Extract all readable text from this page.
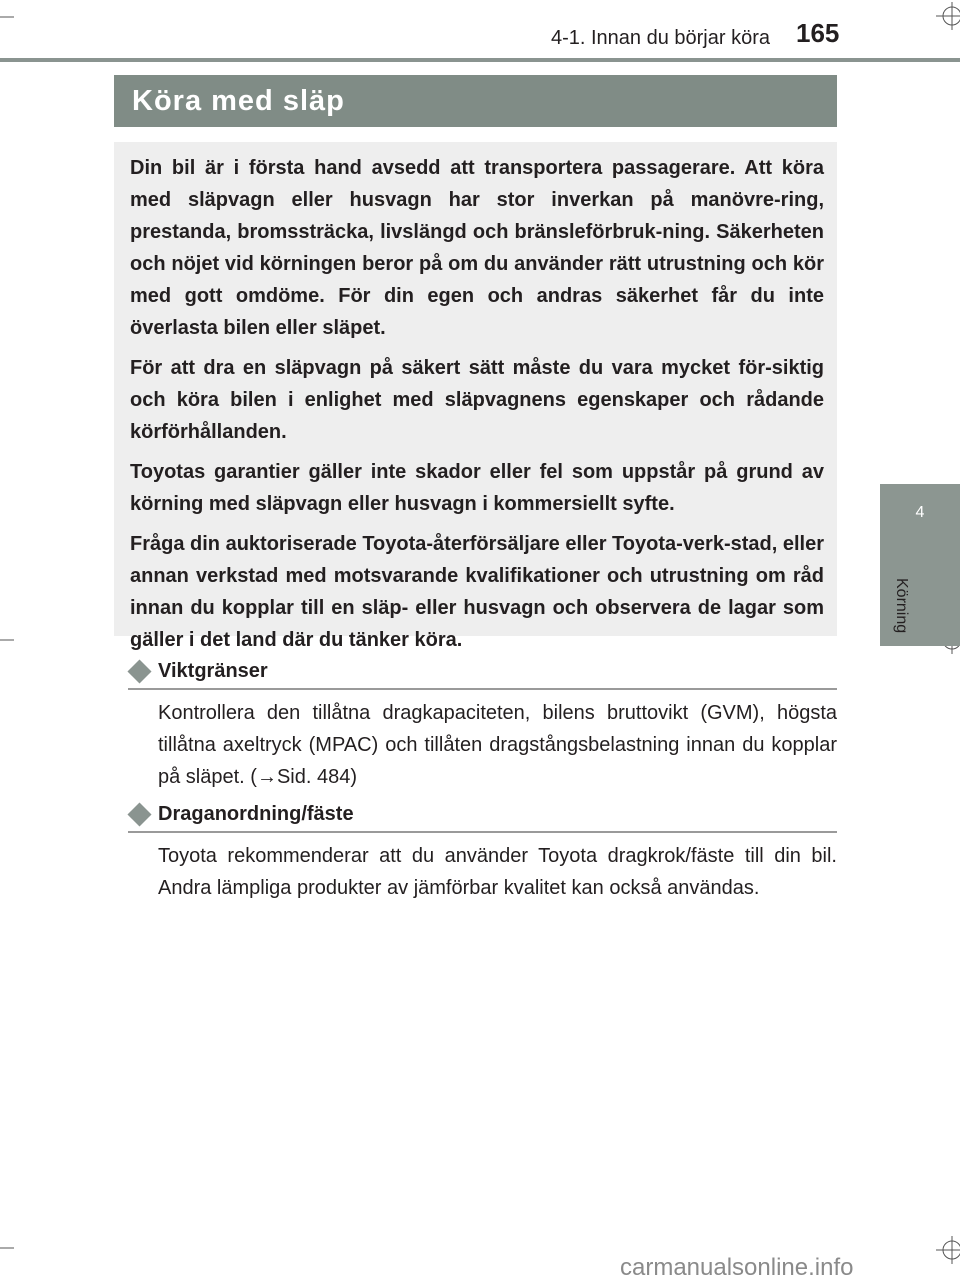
4-1. Innan du börjar köra 165
4
Körning
Köra med släp

Din bil är i första hand avsedd att transportera passagerare. Att köra med släpvagn eller husvagn har stor inverkan på manövre-ring, prestanda, bromssträcka, livslängd och bränsleförbruk-ning. Säkerheten och nöjet vid körningen beror på om du använder rätt utrustning och kör med gott omdöme. För din egen och andras säkerhet får du inte överlasta bilen eller släpet.

För att dra en släpvagn på säkert sätt måste du vara mycket för-siktig och köra bilen i enlighet med släpvagnens egenskaper och rådande körförhållanden.

Toyotas garantier gäller inte skador eller fel som uppstår på grund av körning med släpvagn eller husvagn i kommersiellt syfte.

Fråga din auktoriserade Toyota-återförsäljare eller Toyota-verk-stad, eller annan verkstad med motsvarande kvalifikationer och utrustning om råd innan du kopplar till en släp- eller husvagn och observera de lagar som gäller i det land där du tänker köra.

Viktgränser
Kontrollera den tillåtna dragkapaciteten, bilens bruttovikt (GVM), högsta tillåtna axeltryck (MPAC) och tillåten dragstångsbelastning innan du kopplar på släpet. (→Sid. 484)
Draganordning/fäste
Toyota rekommenderar att du använder Toyota dragkrok/fäste till din bil. Andra lämpliga produkter av jämförbar kvalitet kan också användas.
carmanualsonline.info
